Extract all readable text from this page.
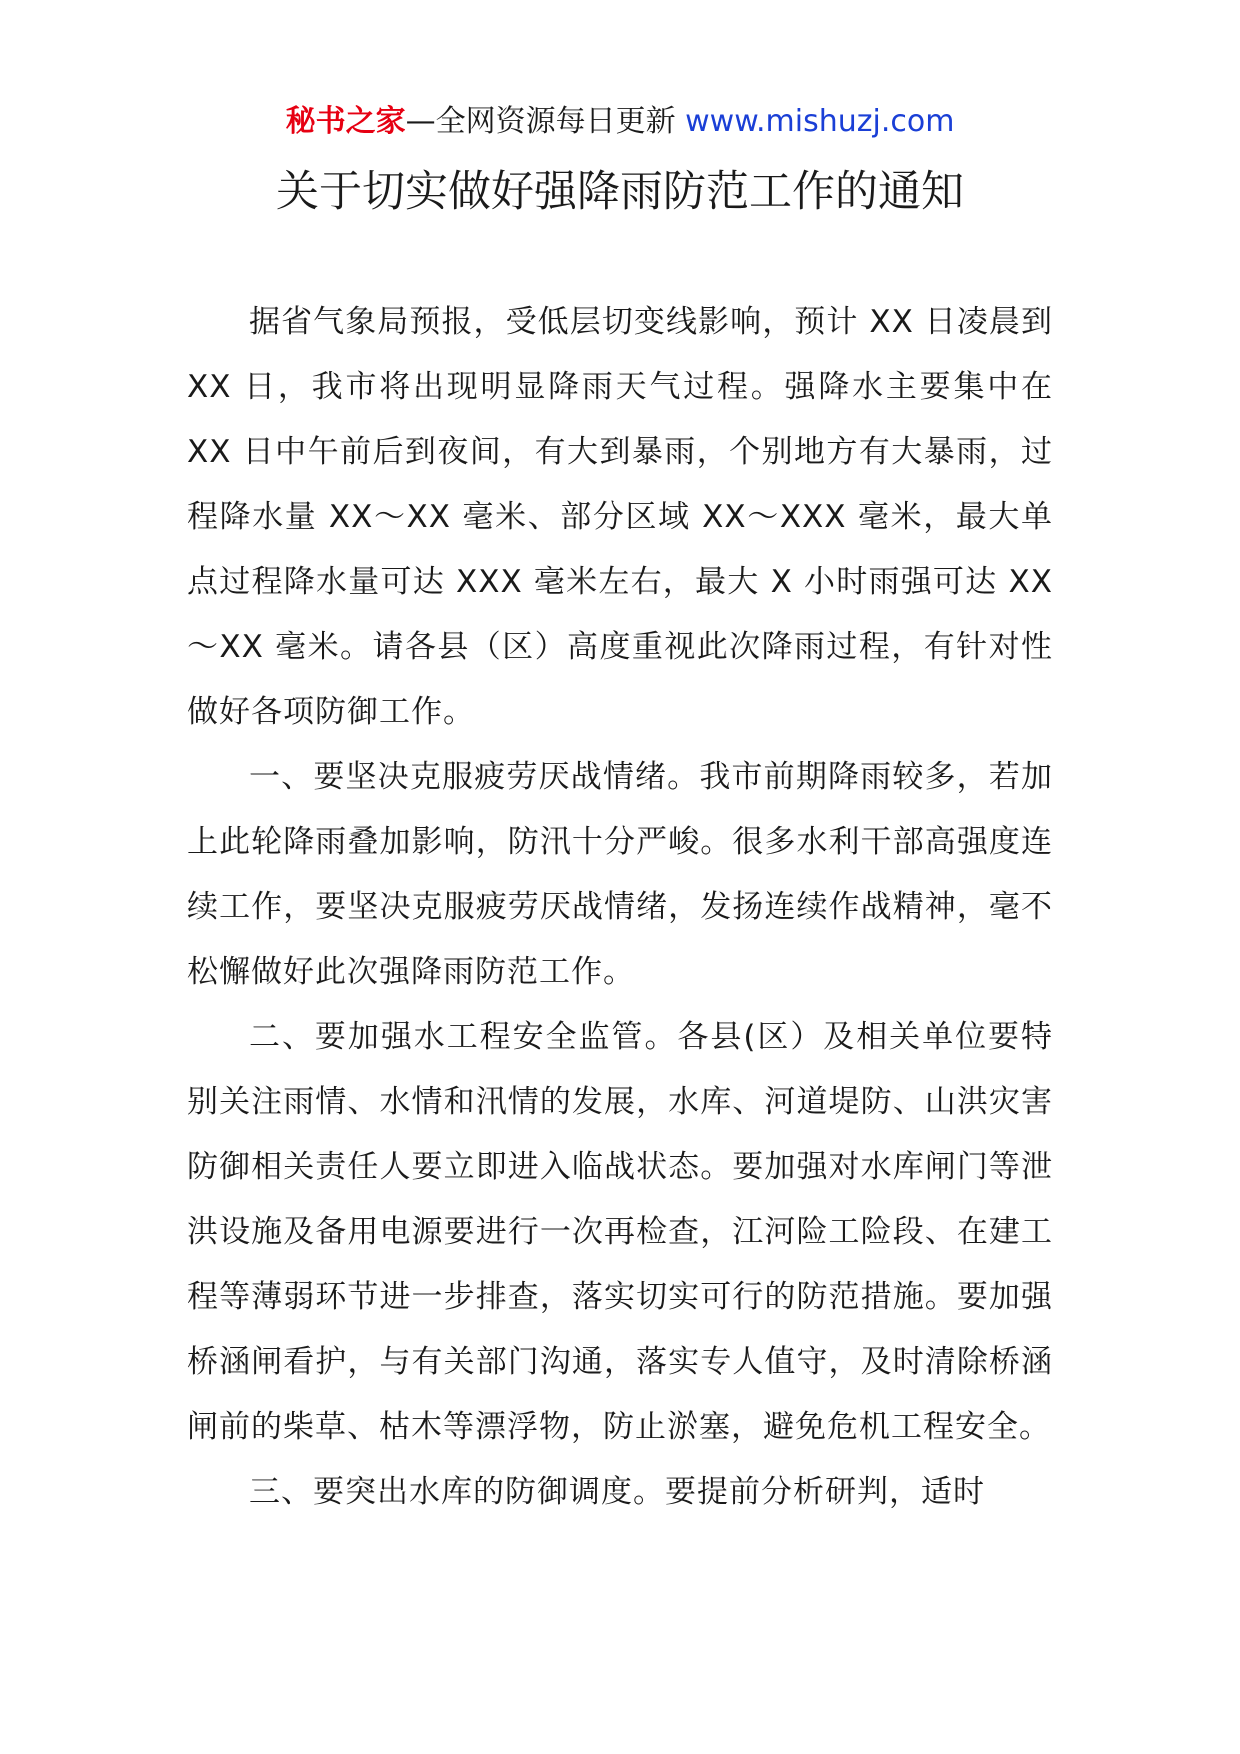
秘书之家—全网资源每日更新 www.mishuzj.com
关于切实做好强降雨防范工作的通知

据省气象局预报，受低层切变线影响，预计 XX 日凌晨到 XX 日，我市将出现明显降雨天气过程。强降水主要集中在 XX 日中午前后到夜间，有大到暴雨，个别地方有大暴雨，过程降水量 XX～XX 毫米、部分区域 XX～XXX 毫米，最大单点过程降水量可达 XXX 毫米左右，最大 X 小时雨强可达 XX～XX 毫米。请各县（区）高度重视此次降雨过程，有针对性做好各项防御工作。

一、要坚决克服疲劳厌战情绪。我市前期降雨较多，若加上此轮降雨叠加影响，防汛十分严峻。很多水利干部高强度连续工作，要坚决克服疲劳厌战情绪，发扬连续作战精神，毫不松懈做好此次强降雨防范工作。

二、要加强水工程安全监管。各县(区）及相关单位要特别关注雨情、水情和汛情的发展，水库、河道堤防、山洪灾害防御相关责任人要立即进入临战状态。要加强对水库闸门等泄洪设施及备用电源要进行一次再检查，江河险工险段、在建工程等薄弱环节进一步排查，落实切实可行的防范措施。要加强桥涵闸看护，与有关部门沟通，落实专人值守，及时清除桥涵闸前的柴草、枯木等漂浮物，防止淤塞，避免危机工程安全。

三、要突出水库的防御调度。要提前分析研判，适时
